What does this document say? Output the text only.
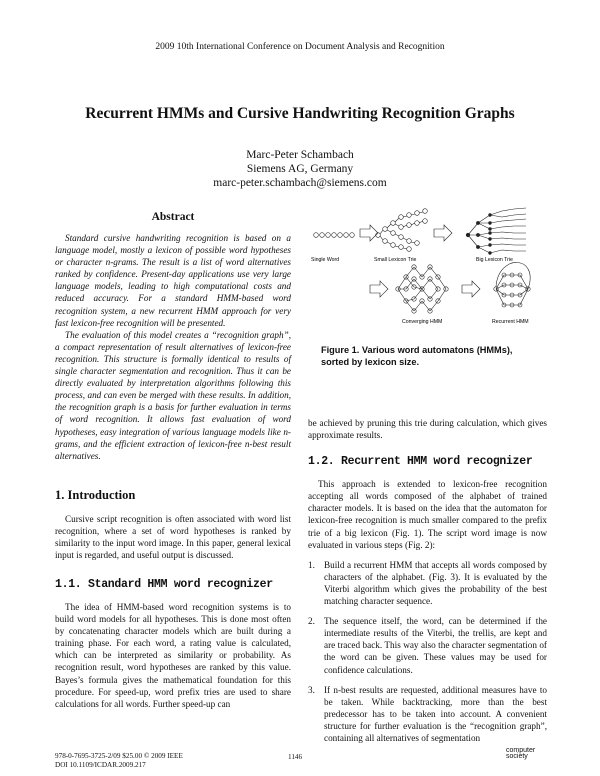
2009 10th International Conference on Document Analysis and Recognition
Recurrent HMMs and Cursive Handwriting Recognition Graphs
Marc-Peter Schambach
Siemens AG, Germany
marc-peter.schambach@siemens.com
Abstract

Standard cursive handwriting recognition is based on a language model, mostly a lexicon of possible word hypotheses or character n-grams. The result is a list of word alternatives ranked by confidence. Present-day applications use very large language models, leading to high computational costs and reduced accuracy. For a standard HMM-based word recognition system, a new recurrent HMM approach for very fast lexicon-free recognition will be presented.

The evaluation of this model creates a “recognition graph”, a compact representation of result alternatives of lexicon-free recognition. This structure is formally identical to results of single character segmentation and recognition. Thus it can be directly evaluated by interpretation algorithms following this process, and can even be merged with these results. In addition, the recognition graph is a basis for further evaluation in terms of word recognition. It allows fast evaluation of word hypotheses, easy integration of various language models like n-grams, and the efficient extraction of lexicon-free n-best result alternatives.

1. Introduction

Cursive script recognition is often associated with word list recognition, where a set of word hypotheses is ranked by similarity to the input word image. In this paper, general lexical input is regarded, and useful output is discussed.

1.1. Standard HMM word recognizer

The idea of HMM-based word recognition systems is to build word models for all hypotheses. This is done most often by concatenating character models which are built during a training phase. For each word, a rating value is calculated, which can be interpreted as similarity or probability. As recognition result, word hypotheses are ranked by this value. Bayes’s formula gives the mathematical foundation for this procedure. For speed-up, word prefix tries are used to share calculations for all words. Further speed-up can

Single Word	Small Lexicon Trie	Big Lexicon Trie
Converging HMM	Recurrent HMM
Figure 1. Various word automatons (HMMs), sorted by lexicon size.

be achieved by pruning this trie during calculation, which gives approximate results.

1.2. Recurrent HMM word recognizer

This approach is extended to lexicon-free recognition accepting all words composed of the alphabet of trained character models. It is based on the idea that the automaton for lexicon-free recognition is much smaller compared to the prefix trie of a big lexicon (Fig. 1). The script word image is now evaluated in various steps (Fig. 2):

1. Build a recurrent HMM that accepts all words composed by characters of the alphabet. (Fig. 3). It is evaluated by the Viterbi algorithm which gives the probability of the best matching character sequence.
2. The sequence itself, the word, can be determined if the intermediate results of the Viterbi, the trellis, are kept and are traced back. This way also the character segmentation of the word can be given. These values may be used for confidence calculations.
3. If n-best results are requested, additional measures have to be taken. While backtracking, more than the best predecessor has to be taken into account. A convenient structure for further evaluation is the “recognition graph”, containing all alternatives of segmentation
978-0-7695-3725-2/09 $25.00 © 2009 IEEE
DOI 10.1109/ICDAR.2009.217
1146
computer
society
